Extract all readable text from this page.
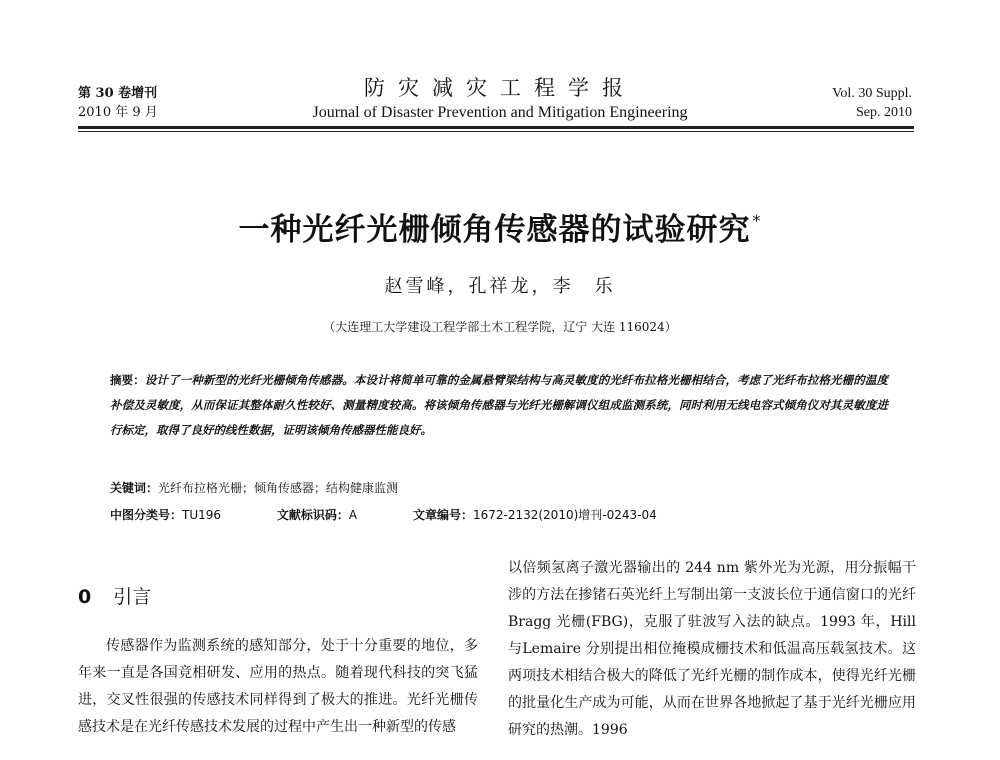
第 30 卷增刊
2010 年 9 月
防灾减灾工程学报
Journal of Disaster Prevention and Mitigation Engineering
Vol. 30 Suppl.
Sep. 2010
一种光纤光栅倾角传感器的试验研究 *
赵雪峰，孔祥龙，李　乐
（大连理工大学建设工程学部土木工程学院，辽宁 大连 116024）
摘要：设计了一种新型的光纤光栅倾角传感器。本设计将简单可靠的金属悬臂梁结构与高灵敏度的光纤布拉格光栅相结合，考虑了光纤布拉格光栅的温度补偿及灵敏度，从而保证其整体耐久性较好、测量精度较高。将该倾角传感器与光纤光栅解调仪组成监测系统，同时利用无线电容式倾角仪对其灵敏度进行标定，取得了良好的线性数据，证明该倾角传感器性能良好。
关键词：光纤布拉格光栅；倾角传感器；结构健康监测
中图分类号：TU196	文献标识码：A	文章编号：1672-2132(2010)增刊-0243-04
0 引言

传感器作为监测系统的感知部分，处于十分重要的地位，多年来一直是各国竞相研发、应用的热点。随着现代科技的突飞猛进，交叉性很强的传感技术同样得到了极大的推进。光纤光栅传感技术是在光纤传感技术发展的过程中产生出一种新型的传感

以倍频氢离子激光器输出的 244 nm 紫外光为光源，用分振幅干涉的方法在掺锗石英光纤上写制出第一支波长位于通信窗口的光纤 Bragg 光栅(FBG)，克服了驻波写入法的缺点。1993 年，Hill 与Lemaire 分别提出相位掩模成栅技术和低温高压载氢技术。这两项技术相结合极大的降低了光纤光栅的制作成本，使得光纤光栅的批量化生产成为可能，从而在世界各地掀起了基于光纤光栅应用研究的热潮。1996
